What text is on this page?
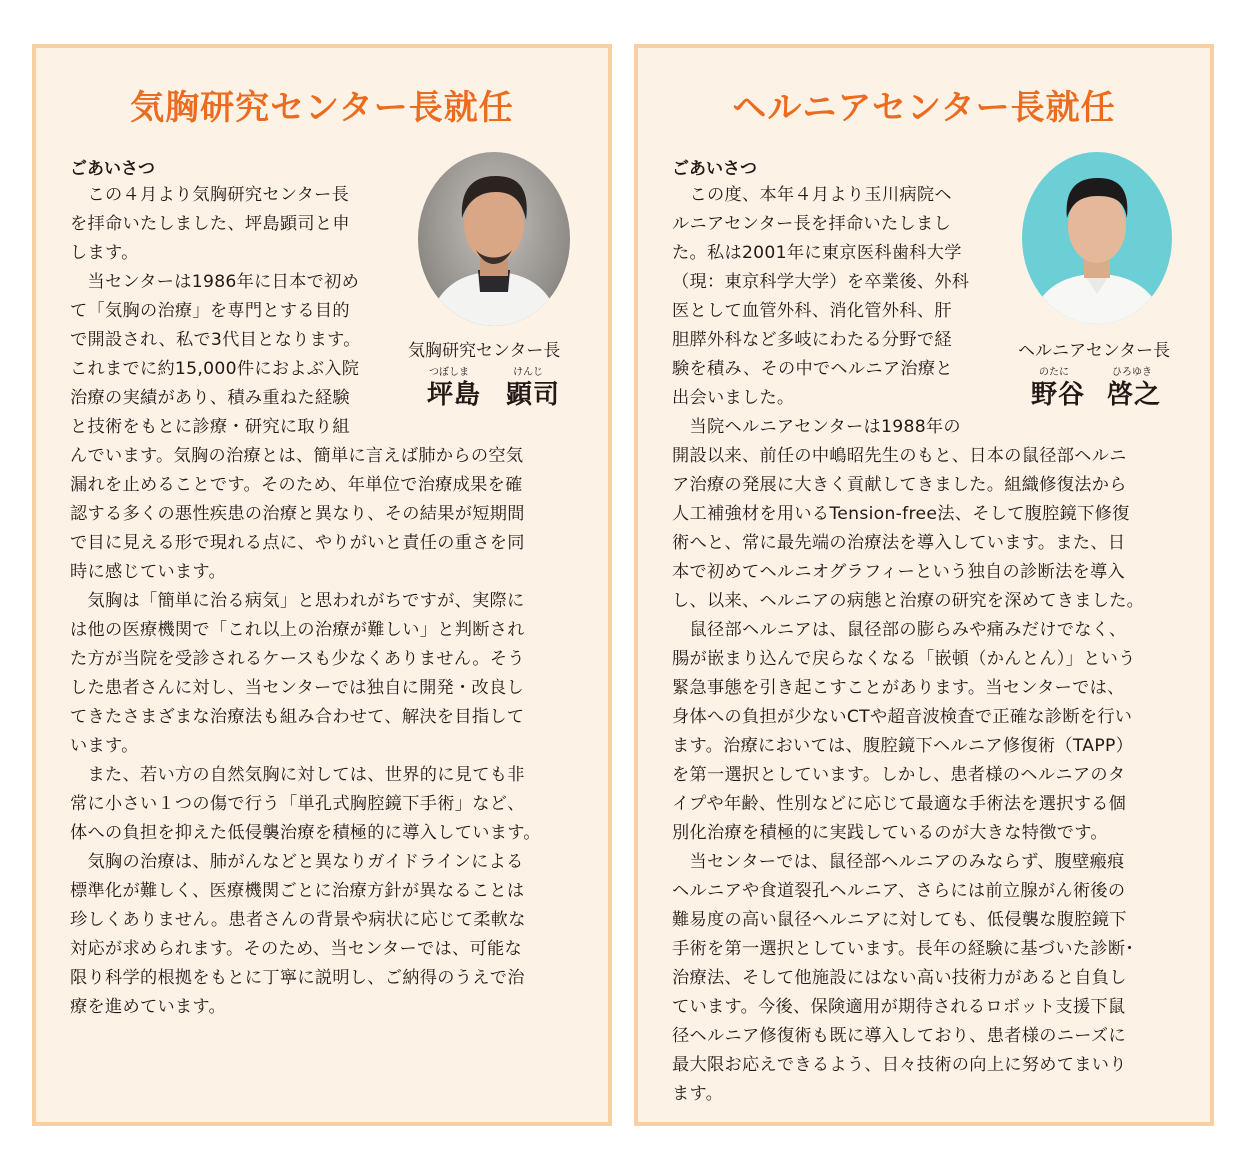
気胸研究センター長就任

ごあいさつ

気胸研究センター長

つぼしま	けんじ

坪島 顕司

　この４月より気胸研究センター長
を拝命いたしました、坪島顕司と申
します。
　当センターは1986年に日本で初め
て「気胸の治療」を専門とする目的
で開設され、私で3代目となります。
これまでに約15,000件におよぶ入院
治療の実績があり、積み重ねた経験
と技術をもとに診療・研究に取り組
んでいます。気胸の治療とは、簡単に言えば肺からの空気
漏れを止めることです。そのため、年単位で治療成果を確
認する多くの悪性疾患の治療と異なり、その結果が短期間
で目に見える形で現れる点に、やりがいと責任の重さを同
時に感じています。
　気胸は「簡単に治る病気」と思われがちですが、実際に
は他の医療機関で「これ以上の治療が難しい」と判断され
た方が当院を受診されるケースも少なくありません。そう
した患者さんに対し、当センターでは独自に開発・改良し
てきたさまざまな治療法も組み合わせて、解決を目指して
います。
　また、若い方の自然気胸に対しては、世界的に見ても非
常に小さい１つの傷で行う「単孔式胸腔鏡下手術」など、
体への負担を抑えた低侵襲治療を積極的に導入しています。
　気胸の治療は、肺がんなどと異なりガイドラインによる
標準化が難しく、医療機関ごとに治療方針が異なることは
珍しくありません。患者さんの背景や病状に応じて柔軟な
対応が求められます。そのため、当センターでは、可能な
限り科学的根拠をもとに丁寧に説明し、ご納得のうえで治
療を進めています。
ヘルニアセンター長就任

ごあいさつ

ヘルニアセンター長

のたに	ひろゆき

野谷 啓之

　この度、本年４月より玉川病院ヘ
ルニアセンター長を拝命いたしまし
た。私は2001年に東京医科歯科大学
（現：東京科学大学）を卒業後、外科
医として血管外科、消化管外科、肝
胆膵外科など多岐にわたる分野で経
験を積み、その中でヘルニア治療と
出会いました。
　当院ヘルニアセンターは1988年の
開設以来、前任の中嶋昭先生のもと、日本の鼠径部ヘルニ
ア治療の発展に大きく貢献してきました。組織修復法から
人工補強材を用いるTension-free法、そして腹腔鏡下修復
術へと、常に最先端の治療法を導入しています。また、日
本で初めてヘルニオグラフィーという独自の診断法を導入
し、以来、ヘルニアの病態と治療の研究を深めてきました。
　鼠径部ヘルニアは、鼠径部の膨らみや痛みだけでなく、
腸が嵌まり込んで戻らなくなる「嵌頓（かんとん）」という
緊急事態を引き起こすことがあります。当センターでは、
身体への負担が少ないCTや超音波検査で正確な診断を行い
ます。治療においては、腹腔鏡下ヘルニア修復術（TAPP）
を第一選択としています。しかし、患者様のヘルニアのタ
イプや年齢、性別などに応じて最適な手術法を選択する個
別化治療を積極的に実践しているのが大きな特徴です。
　当センターでは、鼠径部ヘルニアのみならず、腹壁瘢痕
ヘルニアや食道裂孔ヘルニア、さらには前立腺がん術後の
難易度の高い鼠径ヘルニアに対しても、低侵襲な腹腔鏡下
手術を第一選択としています。長年の経験に基づいた診断･
治療法、そして他施設にはない高い技術力があると自負し
ています。今後、保険適用が期待されるロボット支援下鼠
径ヘルニア修復術も既に導入しており、患者様のニーズに
最大限お応えできるよう、日々技術の向上に努めてまいり
ます。
